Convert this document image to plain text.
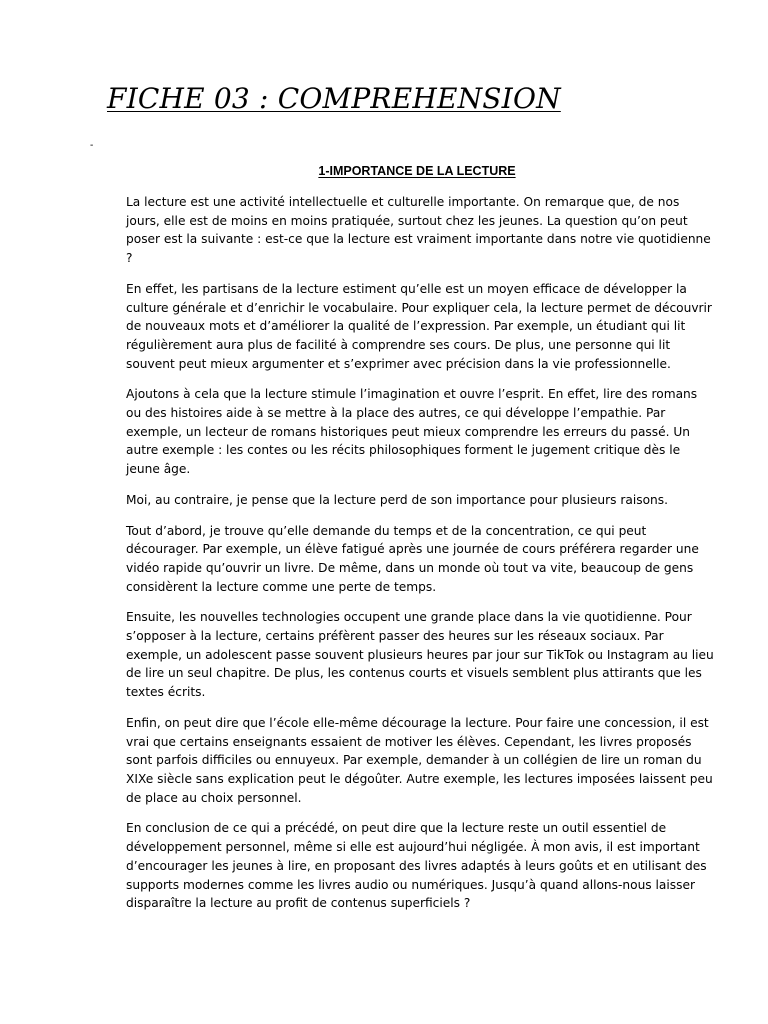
FICHE 03 : COMPREHENSION
-
1-IMPORTANCE DE LA LECTURE

La lecture est une activité intellectuelle et culturelle importante. On remarque que, de nos jours, elle est de moins en moins pratiquée, surtout chez les jeunes. La question qu’on peut poser est la suivante : est-ce que la lecture est vraiment importante dans notre vie quotidienne ?

En effet, les partisans de la lecture estiment qu’elle est un moyen efficace de développer la culture générale et d’enrichir le vocabulaire. Pour expliquer cela, la lecture permet de découvrir de nouveaux mots et d’améliorer la qualité de l’expression. Par exemple, un étudiant qui lit régulièrement aura plus de facilité à comprendre ses cours. De plus, une personne qui lit souvent peut mieux argumenter et s’exprimer avec précision dans la vie professionnelle.

Ajoutons à cela que la lecture stimule l’imagination et ouvre l’esprit. En effet, lire des romans ou des histoires aide à se mettre à la place des autres, ce qui développe l’empathie. Par exemple, un lecteur de romans historiques peut mieux comprendre les erreurs du passé. Un autre exemple : les contes ou les récits philosophiques forment le jugement critique dès le jeune âge.

Moi, au contraire, je pense que la lecture perd de son importance pour plusieurs raisons.

Tout d’abord, je trouve qu’elle demande du temps et de la concentration, ce qui peut décourager. Par exemple, un élève fatigué après une journée de cours préférera regarder une vidéo rapide qu’ouvrir un livre. De même, dans un monde où tout va vite, beaucoup de gens considèrent la lecture comme une perte de temps.

Ensuite, les nouvelles technologies occupent une grande place dans la vie quotidienne. Pour s’opposer à la lecture, certains préfèrent passer des heures sur les réseaux sociaux. Par exemple, un adolescent passe souvent plusieurs heures par jour sur TikTok ou Instagram au lieu de lire un seul chapitre. De plus, les contenus courts et visuels semblent plus attirants que les textes écrits.

Enfin, on peut dire que l’école elle-même décourage la lecture. Pour faire une concession, il est vrai que certains enseignants essaient de motiver les élèves. Cependant, les livres proposés sont parfois difficiles ou ennuyeux. Par exemple, demander à un collégien de lire un roman du XIXe siècle sans explication peut le dégoûter. Autre exemple, les lectures imposées laissent peu de place au choix personnel.

En conclusion de ce qui a précédé, on peut dire que la lecture reste un outil essentiel de développement personnel, même si elle est aujourd’hui négligée. À mon avis, il est important d’encourager les jeunes à lire, en proposant des livres adaptés à leurs goûts et en utilisant des supports modernes comme les livres audio ou numériques. Jusqu’à quand allons-nous laisser disparaître la lecture au profit de contenus superficiels ?
